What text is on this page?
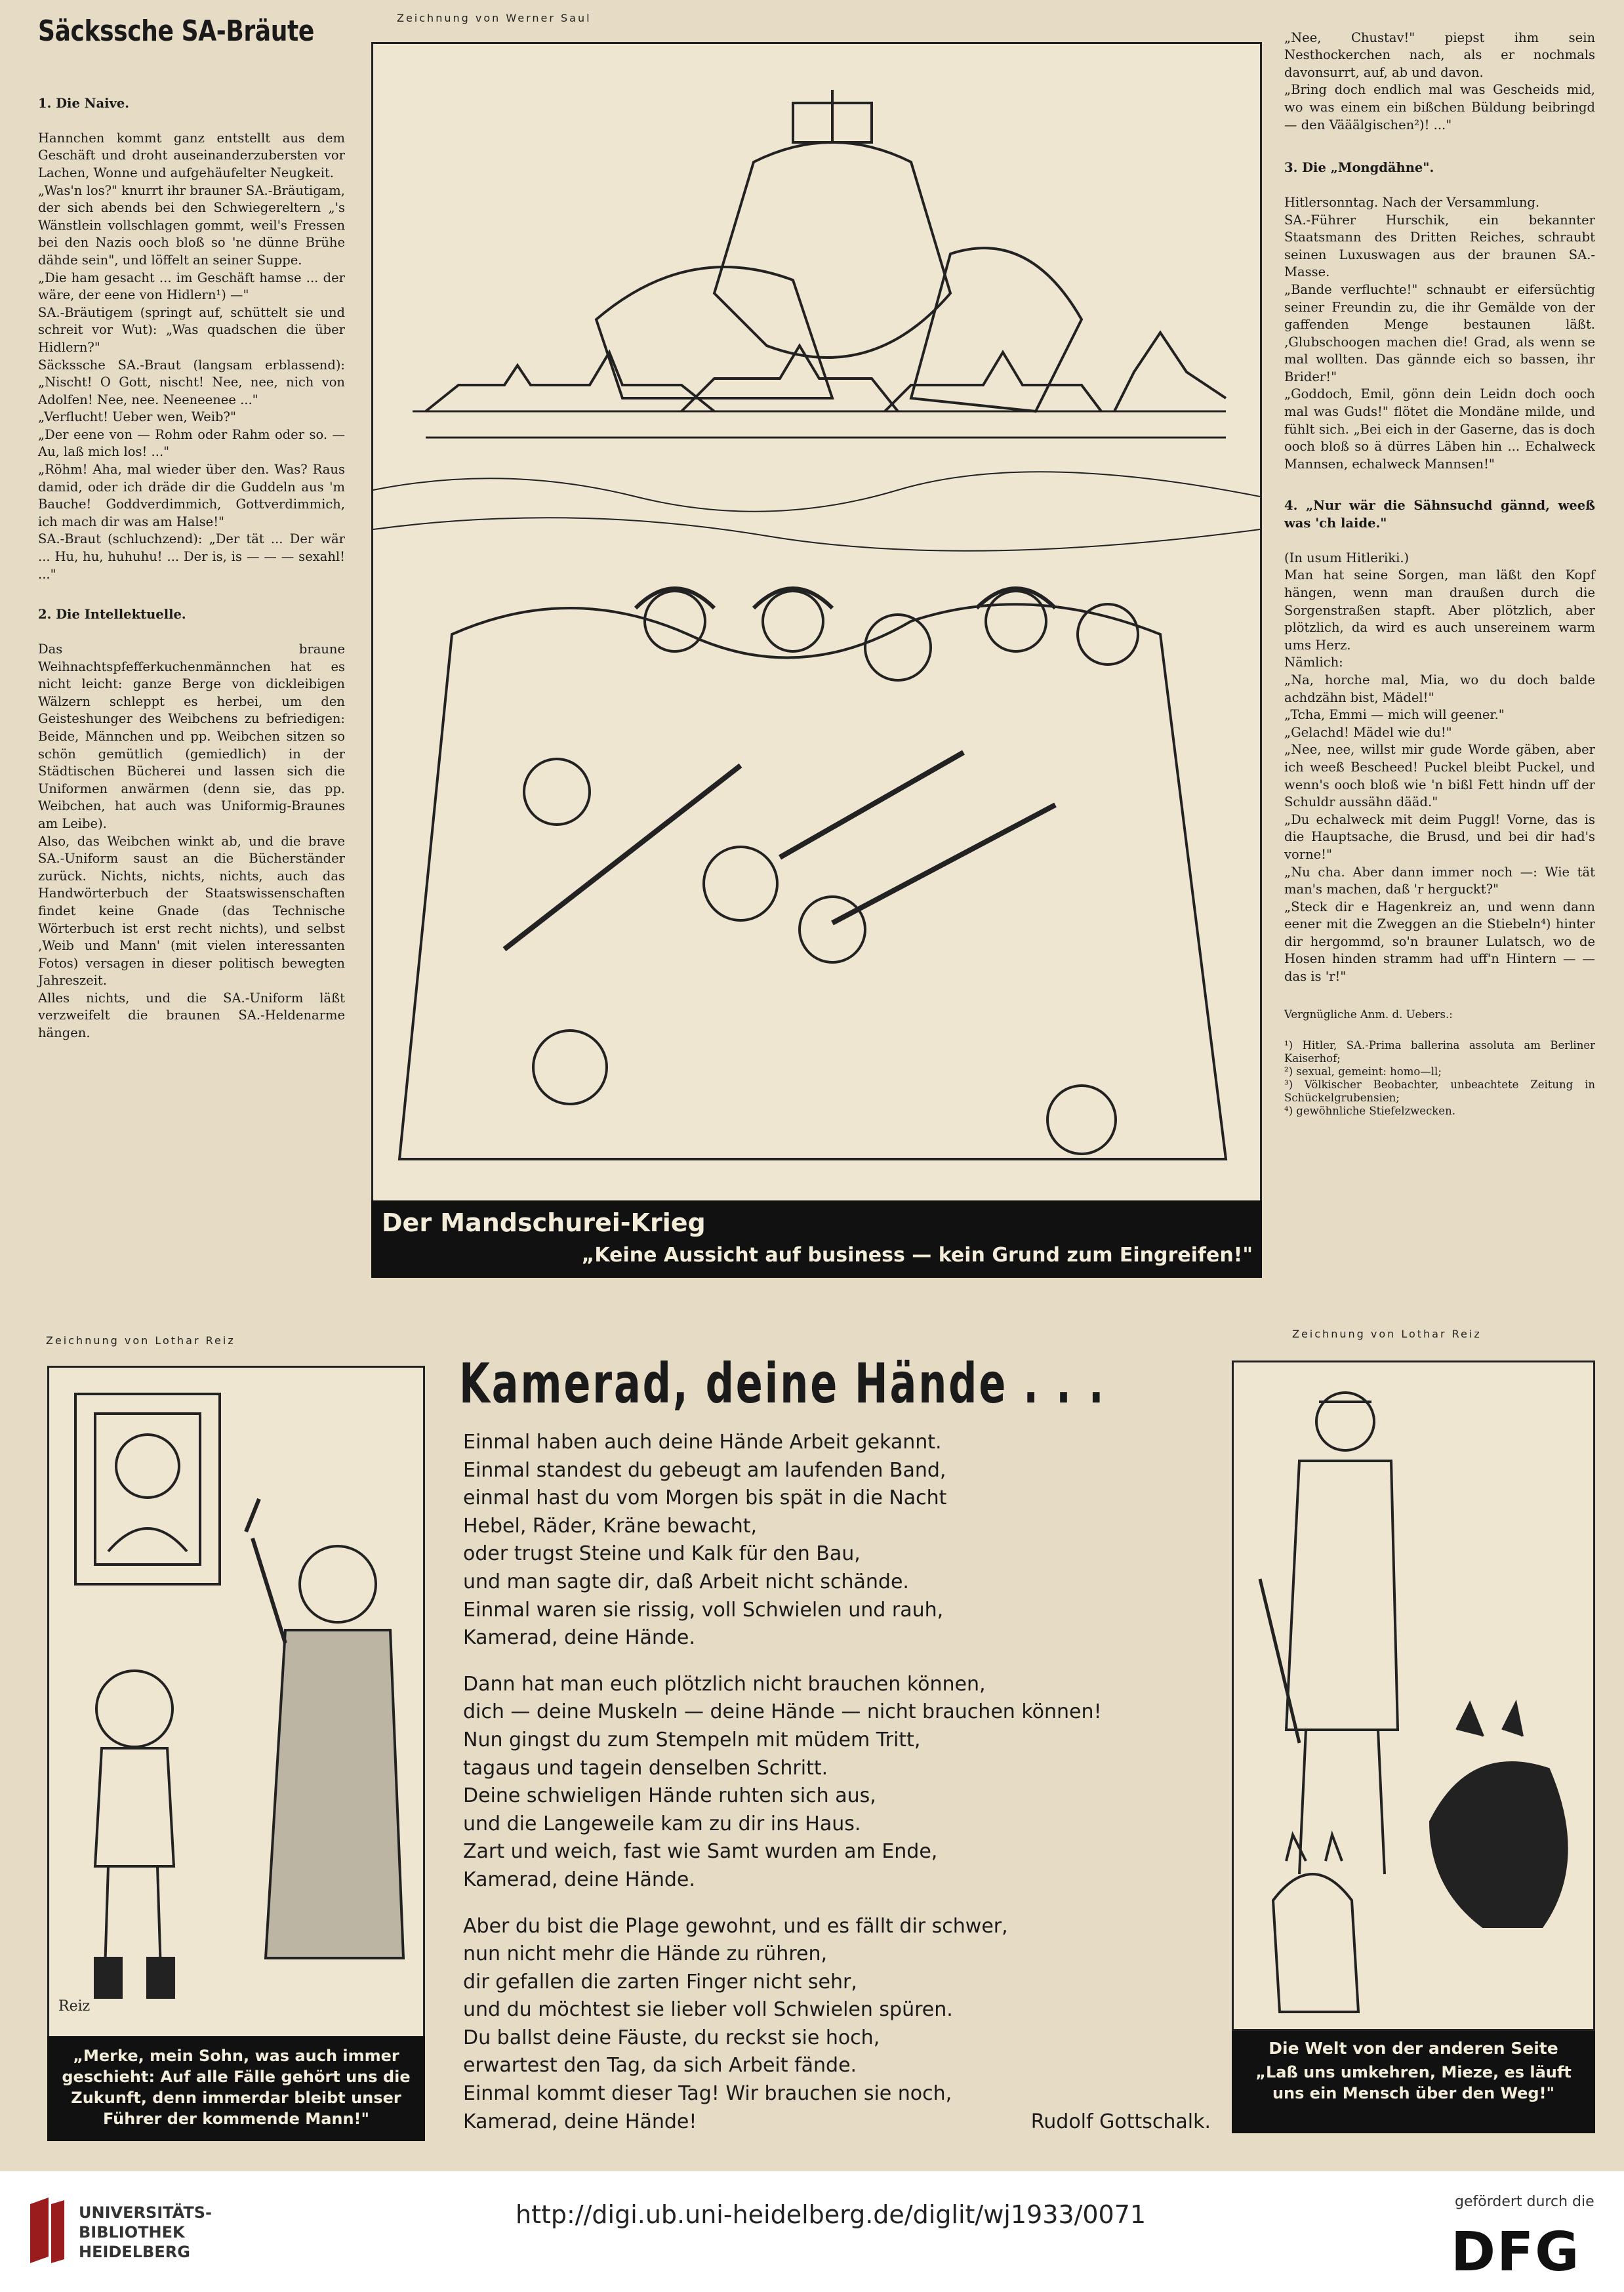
Säckssche SA-Bräute

1. Die Naive.

Hannchen kommt ganz entstellt aus dem Geschäft und droht auseinanderzubersten vor Lachen, Wonne und aufgehäufelter Neugkeit.
„Was'n los?" knurrt ihr brauner SA.-Bräutigam, der sich abends bei den Schwiegereltern „'s Wänstlein vollschlagen gommt, weil's Fressen bei den Nazis ooch bloß so 'ne dünne Brühe dähde sein", und löffelt an seiner Suppe.
„Die ham gesacht ... im Geschäft hamse ... der wäre, der eene von Hidlern¹) —"
SA.-Bräutigem (springt auf, schüttelt sie und schreit vor Wut): „Was quadschen die über Hidlern?"
Säckssche SA.-Braut (langsam erblassend): „Nischt! O Gott, nischt! Nee, nee, nich von Adolfen! Nee, nee. Neeneenee ..."
„Verflucht! Ueber wen, Weib?"
„Der eene von — Rohm oder Rahm oder so. — Au, laß mich los! ..."
„Röhm! Aha, mal wieder über den. Was? Raus damid, oder ich dräde dir die Guddeln aus 'm Bauche! Goddverdimmich, Gottverdimmich, ich mach dir was am Halse!"
SA.-Braut (schluchzend): „Der tät ... Der wär ... Hu, hu, huhuhu! ... Der is, is — — — sexahl! ..."

2. Die Intellektuelle.

Das braune Weihnachtspfefferkuchenmännchen hat es nicht leicht: ganze Berge von dickleibigen Wälzern schleppt es herbei, um den Geisteshunger des Weibchens zu befriedigen: Beide, Männchen und pp. Weibchen sitzen so schön gemütlich (gemiedlich) in der Städtischen Bücherei und lassen sich die Uniformen anwärmen (denn sie, das pp. Weibchen, hat auch was Uniformig-Braunes am Leibe).
Also, das Weibchen winkt ab, und die brave SA.-Uniform saust an die Bücherständer zurück. Nichts, nichts, nichts, auch das Handwörterbuch der Staatswissenschaften findet keine Gnade (das Technische Wörterbuch ist erst recht nichts), und selbst ‚Weib und Mann' (mit vielen interessanten Fotos) versagen in dieser politisch bewegten Jahreszeit.
Alles nichts, und die SA.-Uniform läßt verzweifelt die braunen SA.-Heldenarme hängen.

Zeichnung von Werner Saul
Der Mandschurei-Krieg
„Keine Aussicht auf business — kein Grund zum Eingreifen!"

„Nee, Chustav!" piepst ihm sein Nesthockerchen nach, als er nochmals davonsurrt, auf, ab und davon.
„Bring doch endlich mal was Gescheids mid, wo was einem ein bißchen Büldung beibringd — den Vääälgischen²)! ..."

3. Die „Mongdähne".

Hitlersonntag. Nach der Versammlung.
SA.-Führer Hurschik, ein bekannter Staatsmann des Dritten Reiches, schraubt seinen Luxuswagen aus der braunen SA.-Masse.
„Bande verfluchte!" schnaubt er eifersüchtig seiner Freundin zu, die ihr Gemälde von der gaffenden Menge bestaunen läßt. ‚Glubschoogen machen die! Grad, als wenn se mal wollten. Das gännde eich so bassen, ihr Brider!"
„Goddoch, Emil, gönn dein Leidn doch ooch mal was Guds!" flötet die Mondäne milde, und fühlt sich. „Bei eich in der Gaserne, das is doch ooch bloß so ä dürres Läben hin ... Echalweck Mannsen, echalweck Mannsen!"

4. „Nur wär die Sähnsuchd gännd, weeß was 'ch laide."

(In usum Hitleriki.)
Man hat seine Sorgen, man läßt den Kopf hängen, wenn man draußen durch die Sorgenstraßen stapft. Aber plötzlich, aber plötzlich, da wird es auch unsereinem warm ums Herz.
Nämlich:
„Na, horche mal, Mia, wo du doch balde achdzähn bist, Mädel!"
„Tcha, Emmi — mich will geener."
„Gelachd! Mädel wie du!"
„Nee, nee, willst mir gude Worde gäben, aber ich weeß Bescheed! Puckel bleibt Puckel, und wenn's ooch bloß wie 'n bißl Fett hindn uff der Schuldr aussähn dääd."
„Du echalweck mit deim Puggl! Vorne, das is die Hauptsache, die Brusd, und bei dir had's vorne!"
„Nu cha. Aber dann immer noch —: Wie tät man's machen, daß 'r herguckt?"
„Steck dir e Hagenkreiz an, und wenn dann eener mit die Zweggen an die Stiebeln⁴) hinter dir hergommd, so'n brauner Lulatsch, wo de Hosen hinden stramm had uff'n Hintern — — das is 'r!"

Vergnügliche Anm. d. Uebers.:

¹) Hitler, SA.-Prima ballerina assoluta am Berliner Kaiserhof;
²) sexual, gemeint: homo—ll;
³) Völkischer Beobachter, unbeachtete Zeitung in Schückelgrubensien;
⁴) gewöhnliche Stiefelzwecken.

Zeichnung von Lothar Reiz
Reiz
„Merke, mein Sohn, was auch immer geschieht: Auf alle Fälle gehört uns die Zukunft, denn immerdar bleibt unser Führer der kommende Mann!"
Kamerad, deine Hände . . .
Einmal haben auch deine Hände Arbeit gekannt.
Einmal standest du gebeugt am laufenden Band,
einmal hast du vom Morgen bis spät in die Nacht
Hebel, Räder, Kräne bewacht,
oder trugst Steine und Kalk für den Bau,
und man sagte dir, daß Arbeit nicht schände.
Einmal waren sie rissig, voll Schwielen und rauh,
Kamerad, deine Hände.
Dann hat man euch plötzlich nicht brauchen können,
dich — deine Muskeln — deine Hände — nicht brauchen können!
Nun gingst du zum Stempeln mit müdem Tritt,
tagaus und tagein denselben Schritt.
Deine schwieligen Hände ruhten sich aus,
und die Langeweile kam zu dir ins Haus.
Zart und weich, fast wie Samt wurden am Ende,
Kamerad, deine Hände.
Aber du bist die Plage gewohnt, und es fällt dir schwer,
nun nicht mehr die Hände zu rühren,
dir gefallen die zarten Finger nicht sehr,
und du möchtest sie lieber voll Schwielen spüren.
Du ballst deine Fäuste, du reckst sie hoch,
erwartest den Tag, da sich Arbeit fände.
Einmal kommt dieser Tag! Wir brauchen sie noch,
Kamerad, deine Hände!	Rudolf Gottschalk.
Zeichnung von Lothar Reiz
Die Welt von der anderen Seite
„Laß uns umkehren, Mieze, es läuft uns ein Mensch über den Weg!"
UNIVERSITÄTS-
BIBLIOTHEK
HEIDELBERG
http://digi.ub.uni-heidelberg.de/diglit/wj1933/0071	gefördert durch die
DFG
